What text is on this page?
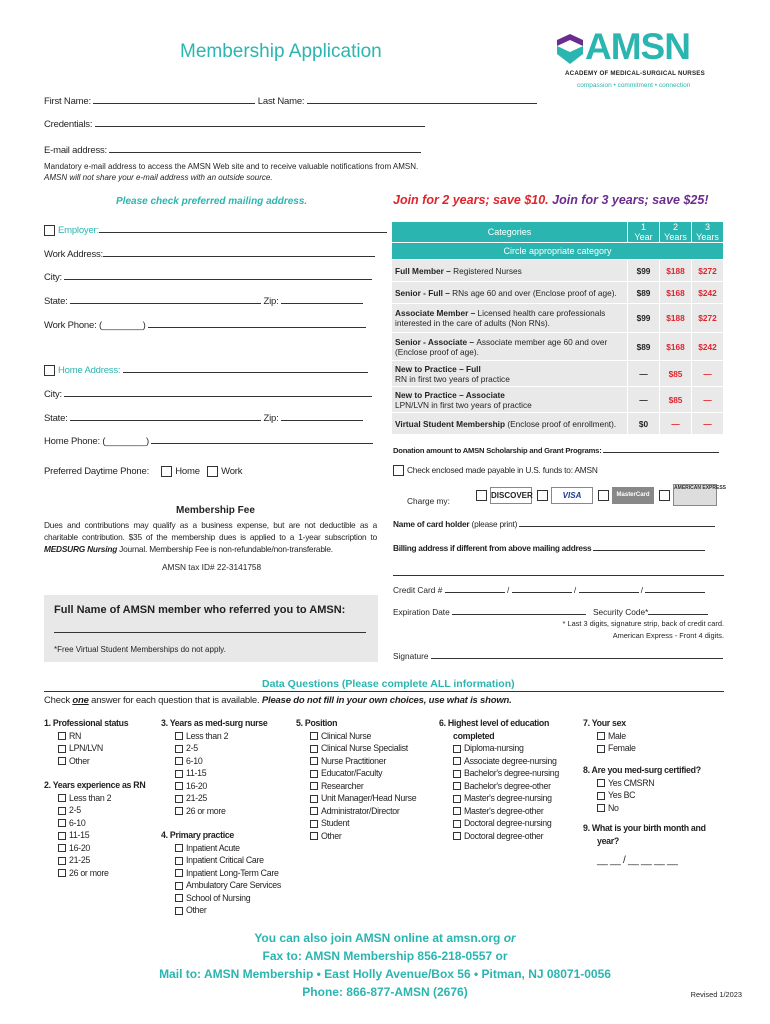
Membership Application	AMSN
ACADEMY OF MEDICAL-SURGICAL NURSES
compassion • commitment • connection
First Name:	Last Name:
Credentials:
E-mail address:
Mandatory e-mail address to access the AMSN Web site and to receive valuable notifications from AMSN.
AMSN will not share your e-mail address with an outside source.
Please check preferred mailing address.	Join for 2 years; save $10. Join for 3 years; save $25!
Employer:
Work Address:
City:
State:	Zip:
Work Phone: (________)
Home Address:
City:
State:	Zip:
Home Phone: (________)
Preferred Daytime Phone:	Home Work
Membership Fee
Dues and contributions may qualify as a business expense, but are not deductible as a charitable contribution. $35 of the membership dues is applied to a 1-year subscription to MEDSURG Nursing Journal. Membership Fee is non-refundable/non-transferable.
AMSN tax ID# 22-3141758
Full Name of AMSN member who referred you to AMSN:
*Free Virtual Student Memberships do not apply.
Categories	1 Year	2 Years	3 Years
Circle appropriate category			
Full Member – Registered Nurses	$99	$188	$272
Senior - Full – RNs age 60 and over (Enclose proof of age).	$89	$168	$242
Associate Member – Licensed health care professionals interested in the care of adults (Non RNs).	$99	$188	$272
Senior - Associate – Associate member age 60 and over (Enclose proof of age).	$89	$168	$242
New to Practice – Full
RN in first two years of practice	—	$85	—
New to Practice – Associate
LPN/LVN in first two years of practice	—	$85	—
Virtual Student Membership (Enclose proof of enrollment).	$0	—	—
Donation amount to AMSN Scholarship and Grant Programs:
Check enclosed made payable in U.S. funds to: AMSN
Charge my:
DISCOVER	VISA	MasterCard  AMERICAN EXPRESS
Name of card holder (please print)
Billing address if different from above mailing address
Credit Card #	/	/	/
Expiration Date	Security Code*
* Last 3 digits, signature strip, back of credit card.
American Express - Front 4 digits.
Signature
Data Questions (Please complete ALL information)
Check one answer for each question that is available. Please do not fill in your own choices, use what is shown.
1. Professional status
RN
LPN/LVN
Other
2. Years experience as RN
Less than 2
2-5
6-10
11-15
16-20
21-25
26 or more
3. Years as med-surg nurse
Less than 2
2-5
6-10
11-15
16-20
21-25
26 or more
4. Primary practice
Inpatient Acute
Inpatient Critical Care
Inpatient Long-Term Care
Ambulatory Care Services
School of Nursing
Other
5. Position
Clinical Nurse
Clinical Nurse Specialist
Nurse Practitioner
Educator/Faculty
Researcher
Unit Manager/Head Nurse
Administrator/Director
Student
Other
6. Highest level of education
completed
Diploma-nursing
Associate degree-nursing
Bachelor's degree-nursing
Bachelor's degree-other
Master's degree-nursing
Master's degree-other
Doctoral degree-nursing
Doctoral degree-other
7. Your sex
Male
Female
8. Are you med-surg certified?
Yes CMSRN
Yes BC
No
9. What is your birth month and
year?
__ __ / __ __ __ __
You can also join AMSN online at amsn.org or
Fax to: AMSN Membership 856-218-0557 or
Mail to: AMSN Membership • East Holly Avenue/Box 56 • Pitman, NJ 08071-0056
Phone: 866-877-AMSN (2676)	Revised 1/2023
